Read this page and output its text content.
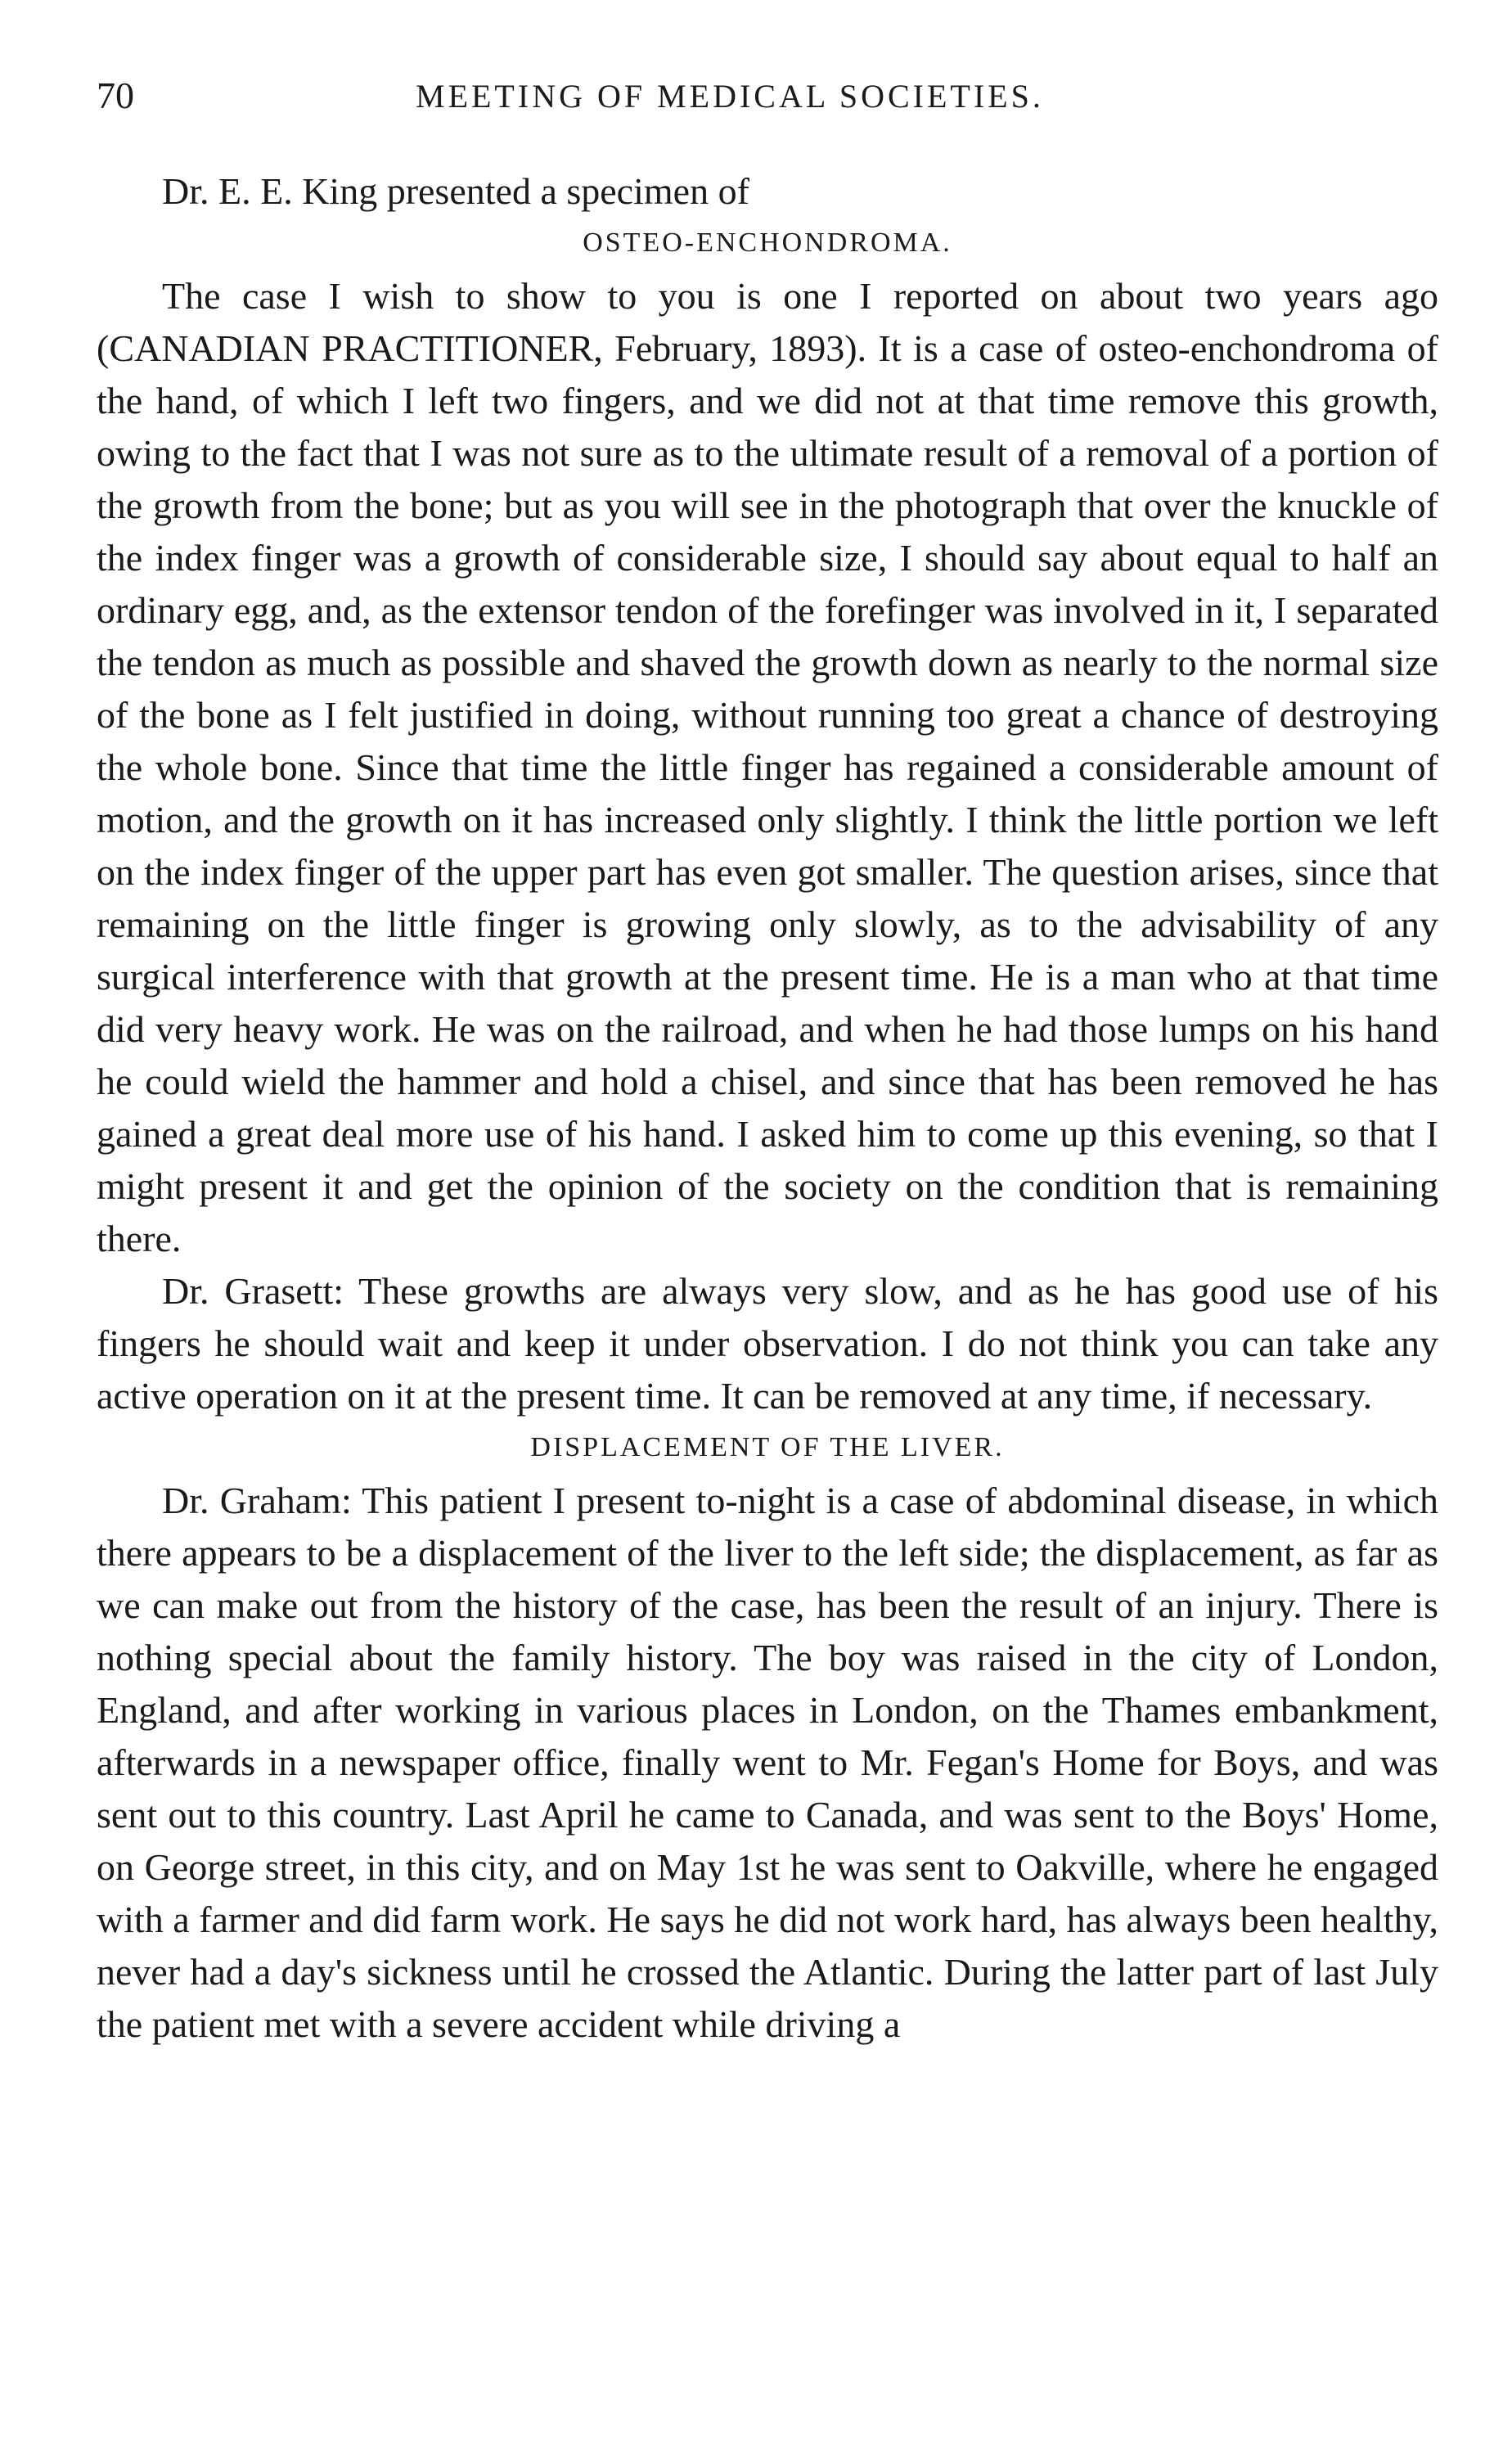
70	MEETING OF MEDICAL SOCIETIES.

Dr. E. E. King presented a specimen of

OSTEO-ENCHONDROMA.

The case I wish to show to you is one I reported on about two years ago (CANADIAN PRACTITIONER, February, 1893). It is a case of osteo-enchondroma of the hand, of which I left two fingers, and we did not at that time remove this growth, owing to the fact that I was not sure as to the ultimate result of a removal of a portion of the growth from the bone; but as you will see in the photograph that over the knuckle of the index finger was a growth of considerable size, I should say about equal to half an ordinary egg, and, as the extensor tendon of the forefinger was involved in it, I separated the tendon as much as possible and shaved the growth down as nearly to the normal size of the bone as I felt justified in doing, without running too great a chance of destroying the whole bone. Since that time the little finger has regained a considerable amount of motion, and the growth on it has increased only slightly. I think the little portion we left on the index finger of the upper part has even got smaller. The question arises, since that remaining on the little finger is growing only slowly, as to the advisability of any surgical interference with that growth at the present time. He is a man who at that time did very heavy work. He was on the railroad, and when he had those lumps on his hand he could wield the hammer and hold a chisel, and since that has been removed he has gained a great deal more use of his hand. I asked him to come up this evening, so that I might present it and get the opinion of the society on the condition that is remaining there.

Dr. Grasett: These growths are always very slow, and as he has good use of his fingers he should wait and keep it under observation. I do not think you can take any active operation on it at the present time. It can be removed at any time, if necessary.

DISPLACEMENT OF THE LIVER.

Dr. Graham: This patient I present to-night is a case of abdominal disease, in which there appears to be a displacement of the liver to the left side; the displacement, as far as we can make out from the history of the case, has been the result of an injury. There is nothing special about the family history. The boy was raised in the city of London, England, and after working in various places in London, on the Thames embankment, afterwards in a newspaper office, finally went to Mr. Fegan's Home for Boys, and was sent out to this country. Last April he came to Canada, and was sent to the Boys' Home, on George street, in this city, and on May 1st he was sent to Oakville, where he engaged with a farmer and did farm work. He says he did not work hard, has always been healthy, never had a day's sickness until he crossed the Atlantic. During the latter part of last July the patient met with a severe accident while driving a
